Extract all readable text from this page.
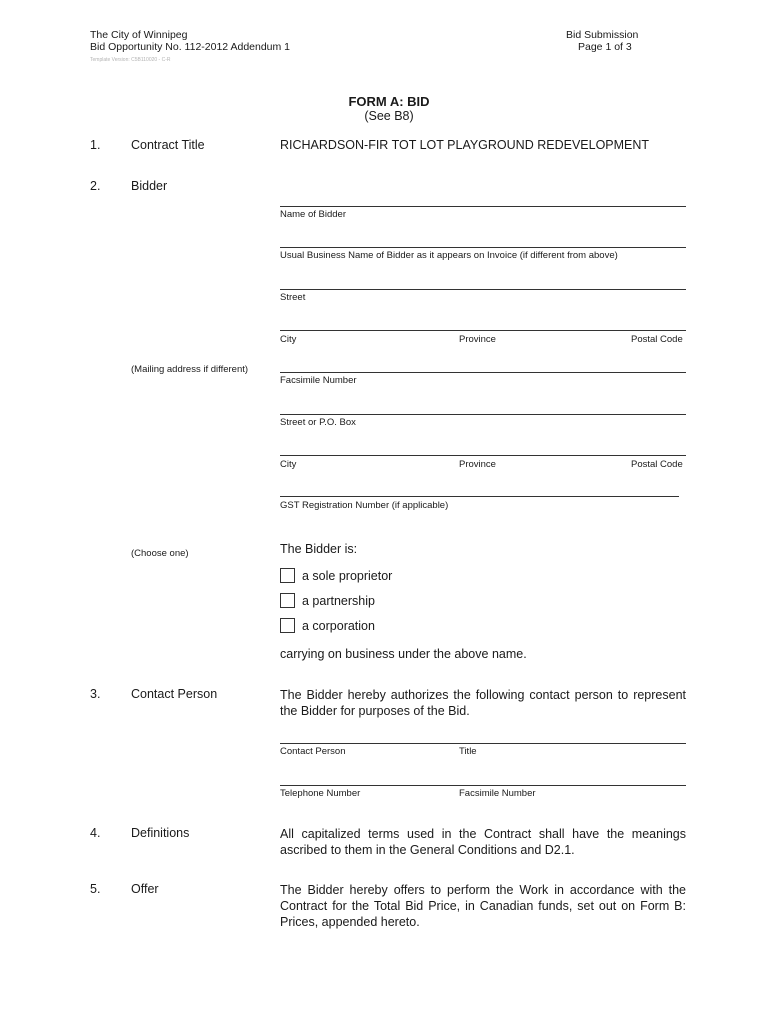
The City of Winnipeg
Bid Opportunity No. 112-2012 Addendum 1
Template Version: C5B110020 - C-R
Bid Submission
Page 1 of 3
FORM A: BID
(See B8)
1. Contract Title	RICHARDSON-FIR TOT LOT PLAYGROUND REDEVELOPMENT
2. Bidder
Name of Bidder
Usual Business Name of Bidder as it appears on Invoice (if different from above)
Street
City	Province	Postal Code
(Mailing address if different)
Facsimile Number
Street or P.O. Box
City	Province	Postal Code
GST Registration Number (if applicable)
(Choose one)	The Bidder is:
a sole proprietor
a partnership
a corporation
carrying on business under the above name.
3. Contact Person	The Bidder hereby authorizes the following contact person to represent the Bidder for purposes of the Bid.
Contact Person	Title
Telephone Number	Facsimile Number
4. Definitions	All capitalized terms used in the Contract shall have the meanings ascribed to them in the General Conditions and D2.1.
5. Offer	The Bidder hereby offers to perform the Work in accordance with the Contract for the Total Bid Price, in Canadian funds, set out on Form B: Prices, appended hereto.
